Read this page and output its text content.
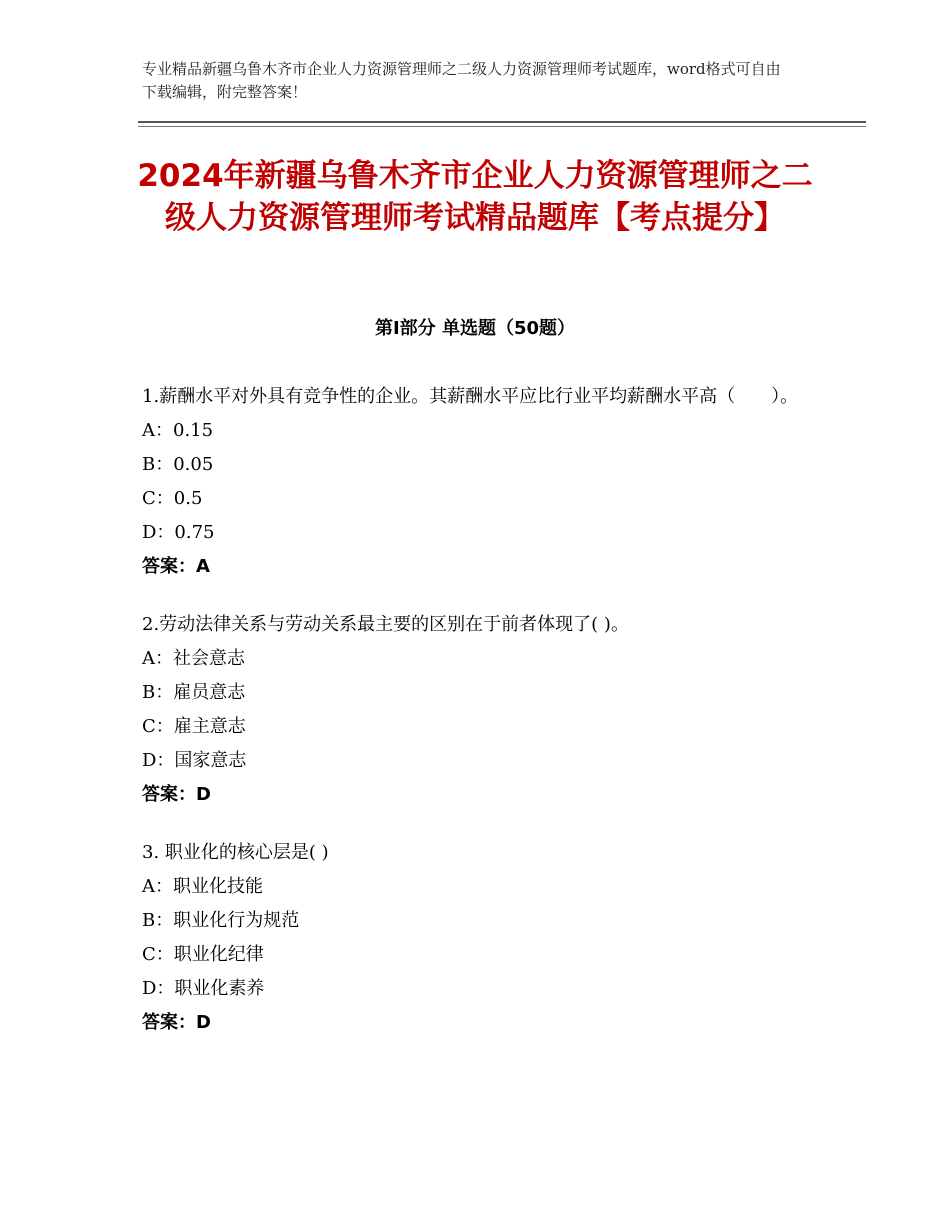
专业精品新疆乌鲁木齐市企业人力资源管理师之二级人力资源管理师考试题库，word格式可自由下载编辑，附完整答案！
2024年新疆乌鲁木齐市企业人力资源管理师之二级人力资源管理师考试精品题库【考点提分】
第Ⅰ部分 单选题（50题）

1.薪酬水平对外具有竞争性的企业。其薪酬水平应比行业平均薪酬水平高（　　）。

A：0.15

B：0.05

C：0.5

D：0.75

答案：A

2.劳动法律关系与劳动关系最主要的区别在于前者体现了( )。

A：社会意志

B：雇员意志

C：雇主意志

D：国家意志

答案：D

3. 职业化的核心层是( )

A：职业化技能

B：职业化行为规范

C：职业化纪律

D：职业化素养

答案：D
